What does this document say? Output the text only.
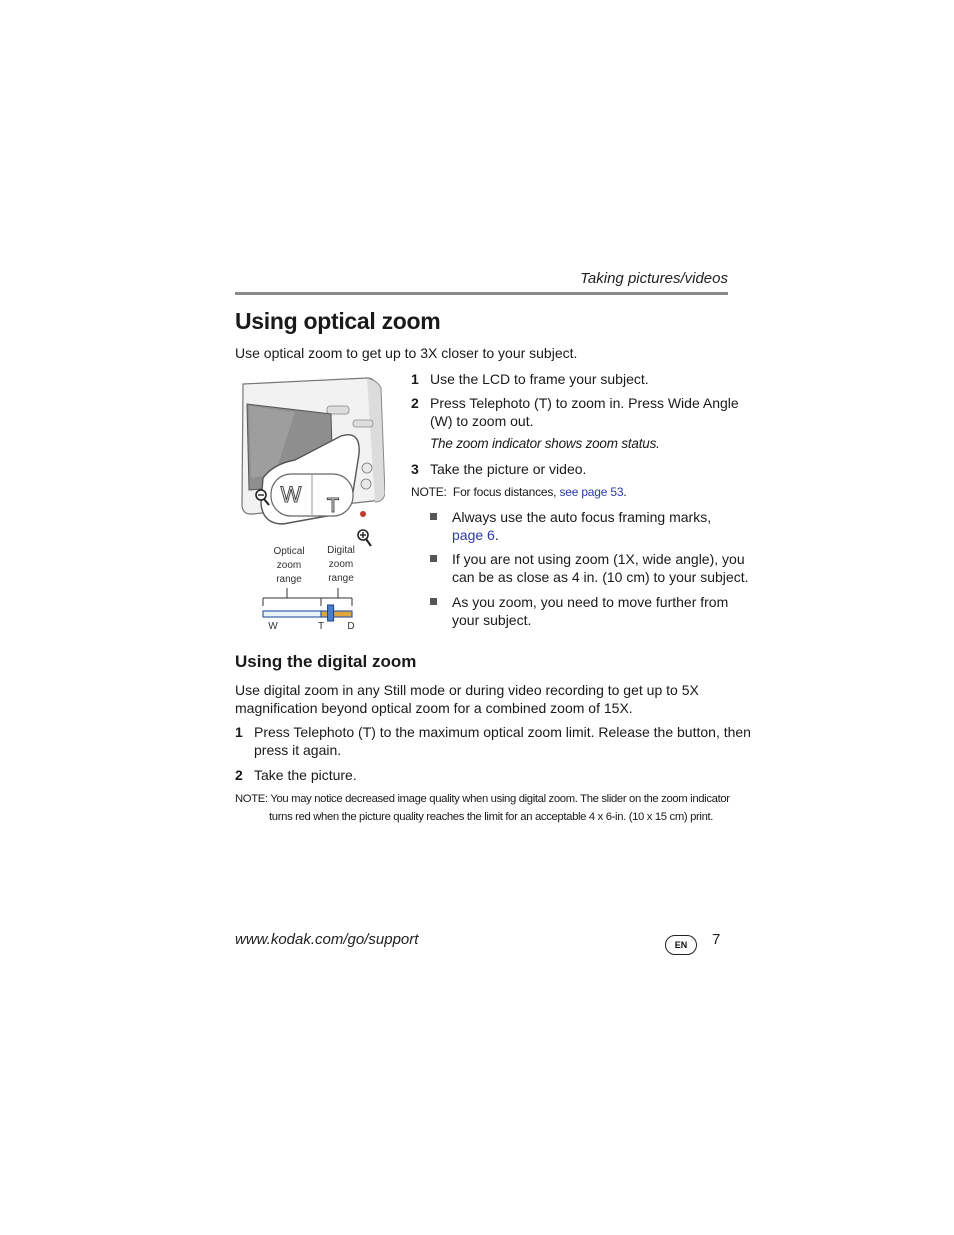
Taking pictures/videos
Using optical zoom
Use optical zoom to get up to 3X closer to your subject.
W T
Optical
zoom
range
Digital
zoom
range
W	T D
1 Use the LCD to frame your subject.
2 Press Telephoto (T) to zoom in. Press Wide Angle
(W) to zoom out.
The zoom indicator shows zoom status.
3 Take the picture or video.
NOTE:  For focus distances, see page 53.
Always use the auto focus framing marks,
page 6.
If you are not using zoom (1X, wide angle), you
can be as close as 4 in. (10 cm) to your subject.
As you zoom, you need to move further from
your subject.
Using the digital zoom
Use digital zoom in any Still mode or during video recording to get up to 5X
magnification beyond optical zoom for a combined zoom of 15X.
1 Press Telephoto (T) to the maximum optical zoom limit. Release the button, then
press it again.
2 Take the picture.
NOTE: You may notice decreased image quality when using digital zoom. The slider on the zoom indicator
turns red when the picture quality reaches the limit for an acceptable 4 x 6-in. (10 x 15 cm) print.
www.kodak.com/go/support	EN	7
